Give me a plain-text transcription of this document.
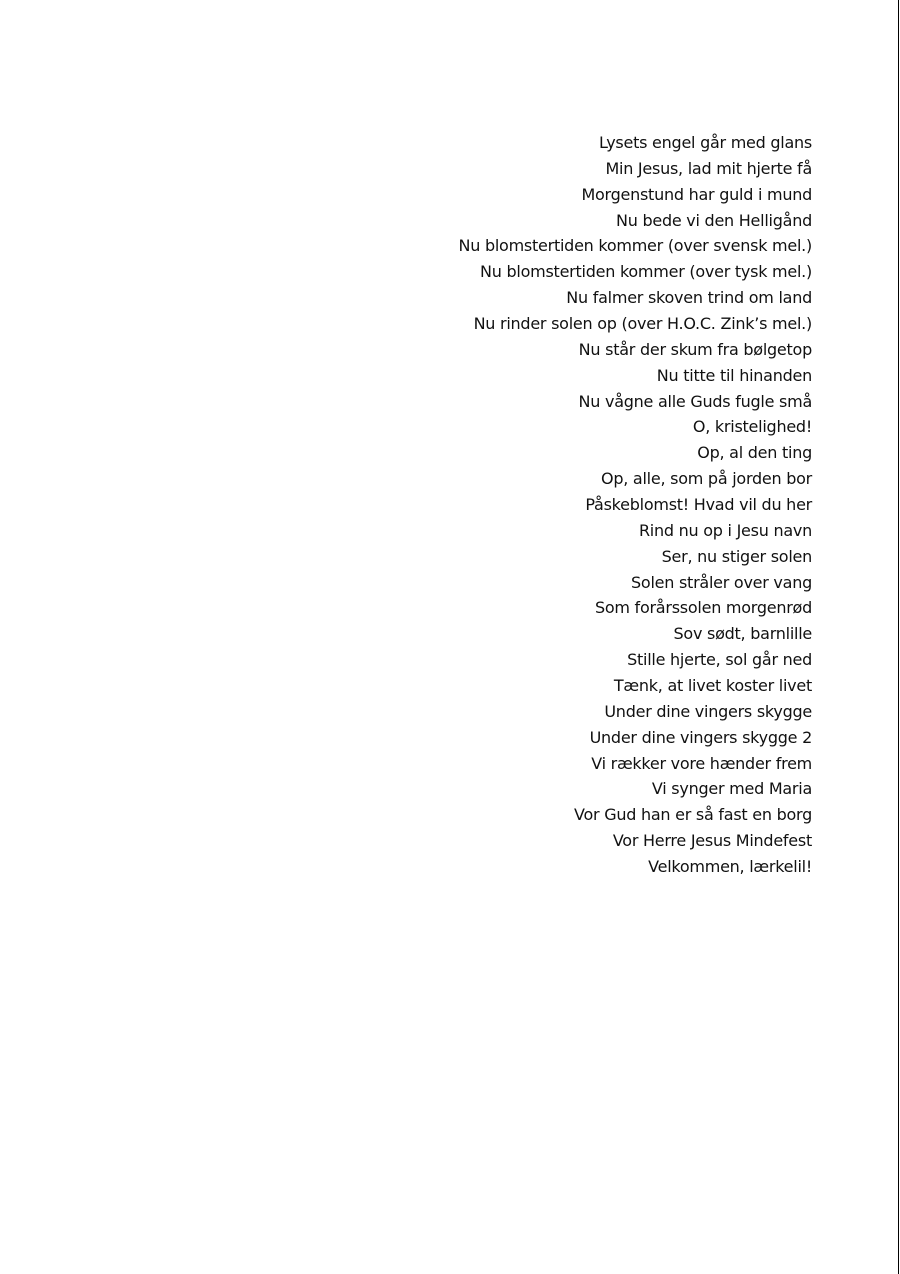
Lysets engel går med glans
Min Jesus, lad mit hjerte få
Morgenstund har guld i mund
Nu bede vi den Helligånd
Nu blomstertiden kommer (over svensk mel.)
Nu blomstertiden kommer (over tysk mel.)
Nu falmer skoven trind om land
Nu rinder solen op (over H.O.C. Zink’s mel.)
Nu står der skum fra bølgetop
Nu titte til hinanden
Nu vågne alle Guds fugle små
O, kristelighed!
Op, al den ting
Op, alle, som på jorden bor
Påskeblomst! Hvad vil du her
Rind nu op i Jesu navn
Ser, nu stiger solen
Solen stråler over vang
Som forårssolen morgenrød
Sov sødt, barnlille
Stille hjerte, sol går ned
Tænk, at livet koster livet
Under dine vingers skygge
Under dine vingers skygge 2
Vi rækker vore hænder frem
Vi synger med Maria
Vor Gud han er så fast en borg
Vor Herre Jesus Mindefest
Velkommen, lærkelil!
